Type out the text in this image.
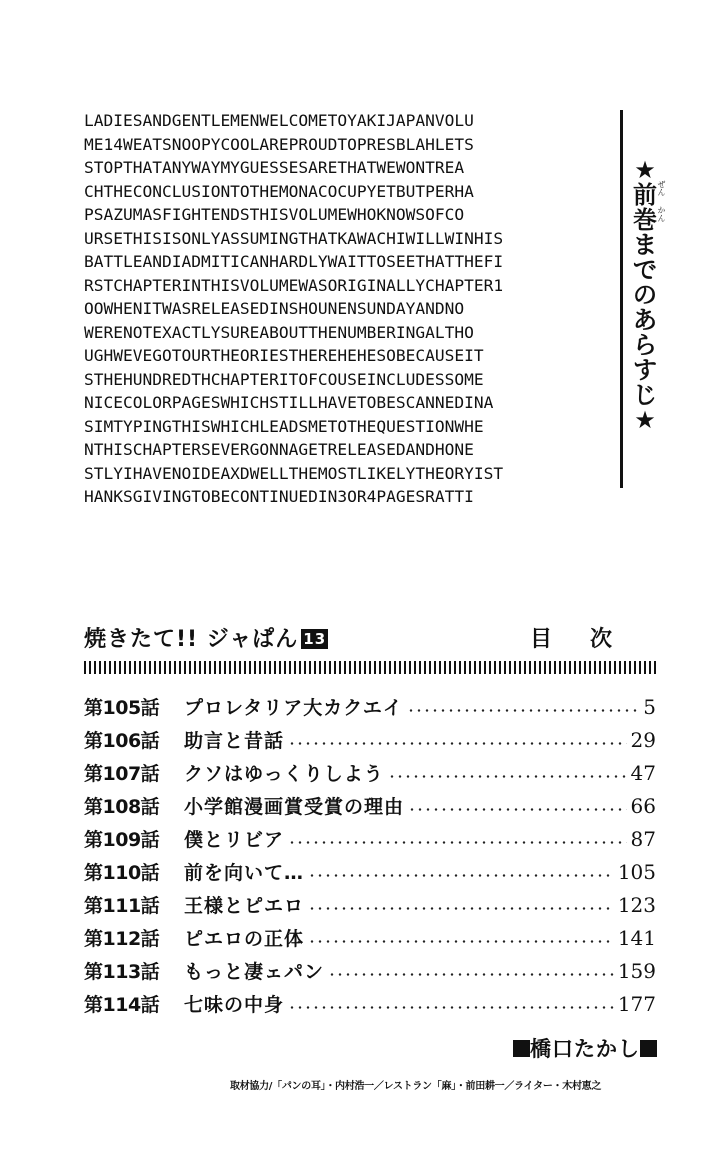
LADIESANDGENTLEMENWELCOMETOYAKIJAPANVOLU
ME14WEATSNOOPYCOOLAREPROUDTOPRESBLAHLETS
STOPTHATANYWAYMYGUESSESARETHATWEWONTREA
CHTHECONCLUSIONTOTHEMONACOCUPYETBUTPERHA
PSAZUMASFIGHTENDSTHISVOLUMEWHOKNOWSOFCO
URSETHISISONLYASSUMINGTHATKAWACHIWILLWINHIS
BATTLEANDIADMITICANHARDLYWAITTOSEETHATTHEFI
RSTCHAPTERINTHISVOLUMEWASORIGINALLYCHAPTER1
OOWHENITWASRELEASEDINSHOUNENSUNDAYANDNO
WERENOTEXACTLYSUREABOUTTHENUMBERINGALTHO
UGHWEVEGOTOURTHEORIESTHEREHEHESOBECAUSEIT
STHEHUNDREDTHCHAPTERITOFCOUSEINCLUDESSOME
NICECOLORPAGESWHICHSTILLHAVETOBESCANNEDINA
SIMTYPINGTHISWHICHLEADSMETOTHEQUESTIONWHE
NTHISCHAPTERSEVERGONNAGETRELEASEDANDHONE
STLYIHAVENOIDEAXDWELLTHEMOSTLIKELYTHEORYIST
HANKSGIVINGTOBECONTINUEDIN3OR4PAGESRATTI
★
前
巻
ま
で
の
あ
ら
す
じ
★
ぜん
かん
焼きたて!! ジャぱん 13	目次
第105話	プロレタリア大カクエイ	5
第106話	助言と昔話	29
第107話	クソはゆっくりしよう	47
第108話	小学館漫画賞受賞の理由	66
第109話	僕とリビア	87
第110話	前を向いて…	105
第111話	王様とピエロ	123
第112話	ピエロの正体	141
第113話	もっと凄ェパン	159
第114話	七味の中身	177
橋口たかし
取材協力/「パンの耳」・内村浩一／レストラン「麻」・前田耕一／ライター・木村恵之
